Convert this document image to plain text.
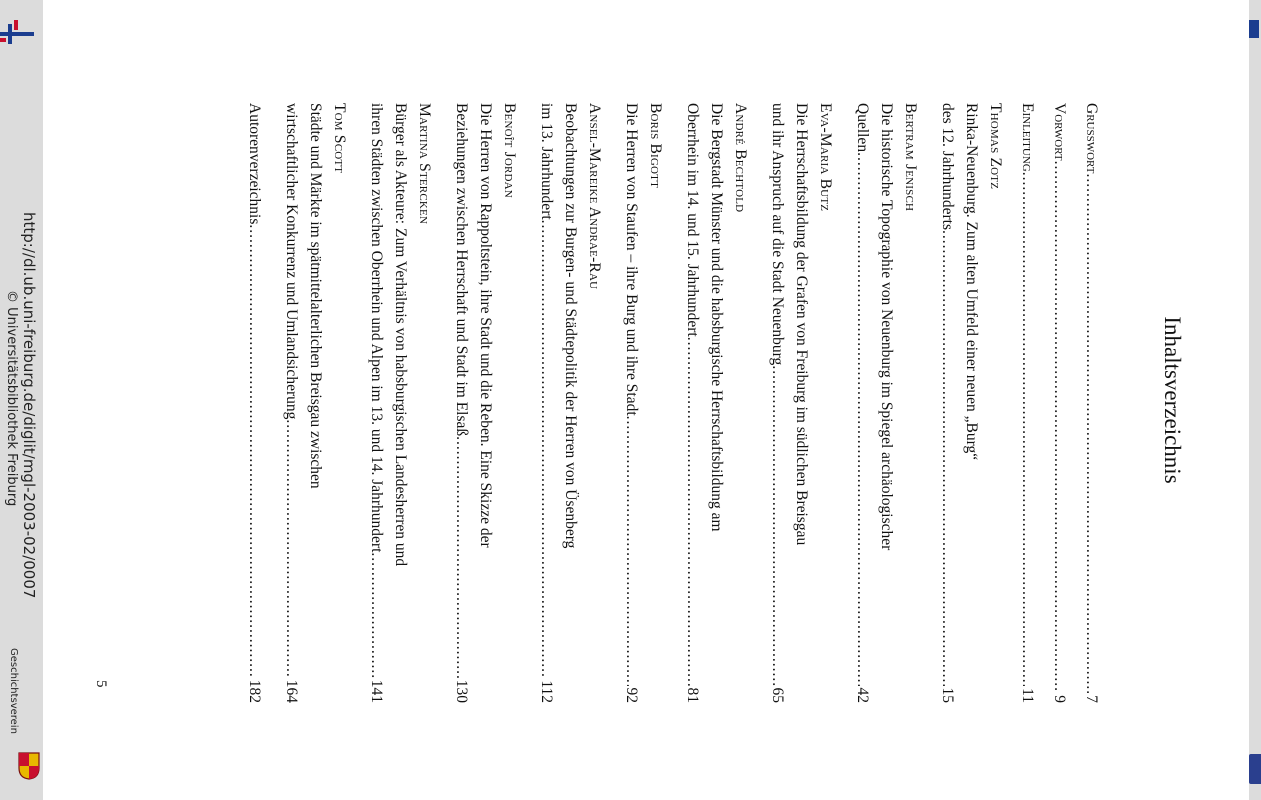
http://dl.ub.uni-freiburg.de/diglit/mgl-2003-02/0007
© Universitätsbibliothek Freiburg
Geschichtsverein
Inhaltsverzeichnis
Grusswort
.....
7
Vorwort
.....
9
Einleitung
.....
11
Thomas Zotz
Rinka-Neuenburg. Zum alten Umfeld einer neuen „Burg“
des 12. Jahrhunderts
.....
15
Bertram Jenisch
Die historische Topographie von Neuenburg im Spiegel archäologischer
Quellen
.....
42
Eva-Maria Butz
Die Herrschaftsbildung der Grafen von Freiburg im südlichen Breisgau
und ihr Anspruch auf die Stadt Neuenburg
.....
65
André Bechtold
Die Bergstadt Münster und die habsburgische Herrschaftsbildung am
Oberrhein im 14. und 15. Jahrhundert
.....
81
Boris Bigott
Die Herren von Staufen – ihre Burg und ihre Stadt
.....
92
Ansel-Mareike Andrae-Rau
Beobachtungen zur Burgen- und Städtepolitik der Herren von Üsenberg
im 13. Jahrhundert
.....
112
Benoît Jordan
Die Herren von Rappoltstein, ihre Stadt und die Reben. Eine Skizze der
Beziehungen zwischen Herrschaft und Stadt im Elsaß
.....
130
Martina Stercken
Bürger als Akteure: Zum Verhältnis von habsburgischen Landesherren und
ihren Städten zwischen Oberrhein und Alpen im 13. und 14. Jahrhundert
.....
141
Tom Scott
Städte und Märkte im spätmittelalterlichen Breisgau zwischen
wirtschaftlicher Konkurrenz und Umlandsicherung
.....
164
Autorenverzeichnis
.....
182
5
